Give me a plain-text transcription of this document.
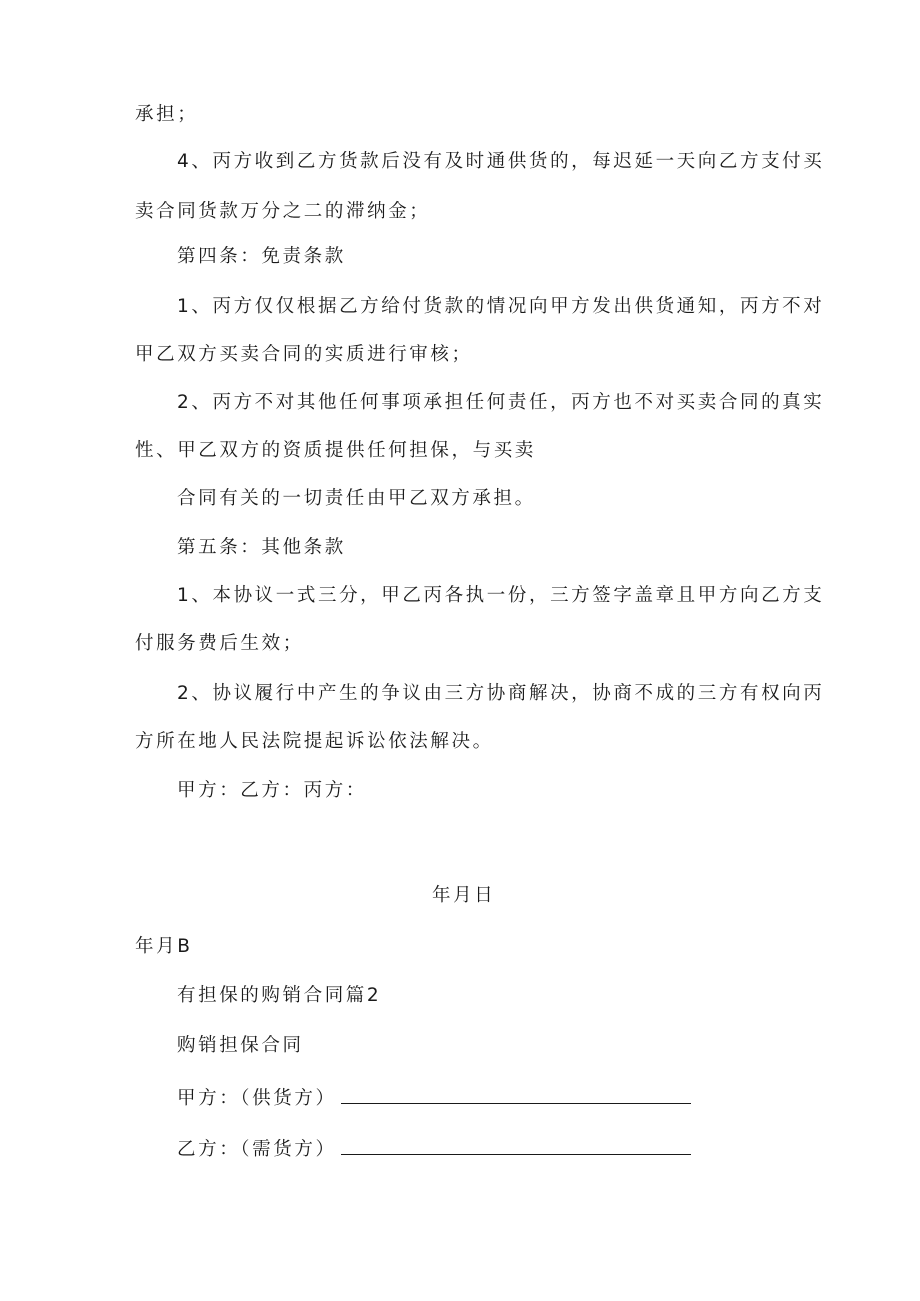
承担；

4、丙方收到乙方货款后没有及时通供货的，每迟延一天向乙方支付买

卖合同货款万分之二的滞纳金；

第四条：免责条款

1、丙方仅仅根据乙方给付货款的情况向甲方发出供货通知，丙方不对

甲乙双方买卖合同的实质进行审核；

2、丙方不对其他任何事项承担任何责任，丙方也不对买卖合同的真实

性、甲乙双方的资质提供任何担保，与买卖

合同有关的一切责任由甲乙双方承担。

第五条：其他条款

1、本协议一式三分，甲乙丙各执一份，三方签字盖章且甲方向乙方支

付服务费后生效；

2、协议履行中产生的争议由三方协商解决，协商不成的三方有权向丙

方所在地人民法院提起诉讼依法解决。

甲方：乙方：丙方：

年月日

年月B

有担保的购销合同篇2

购销担保合同

甲方：（供货方）

乙方：（需货方）
